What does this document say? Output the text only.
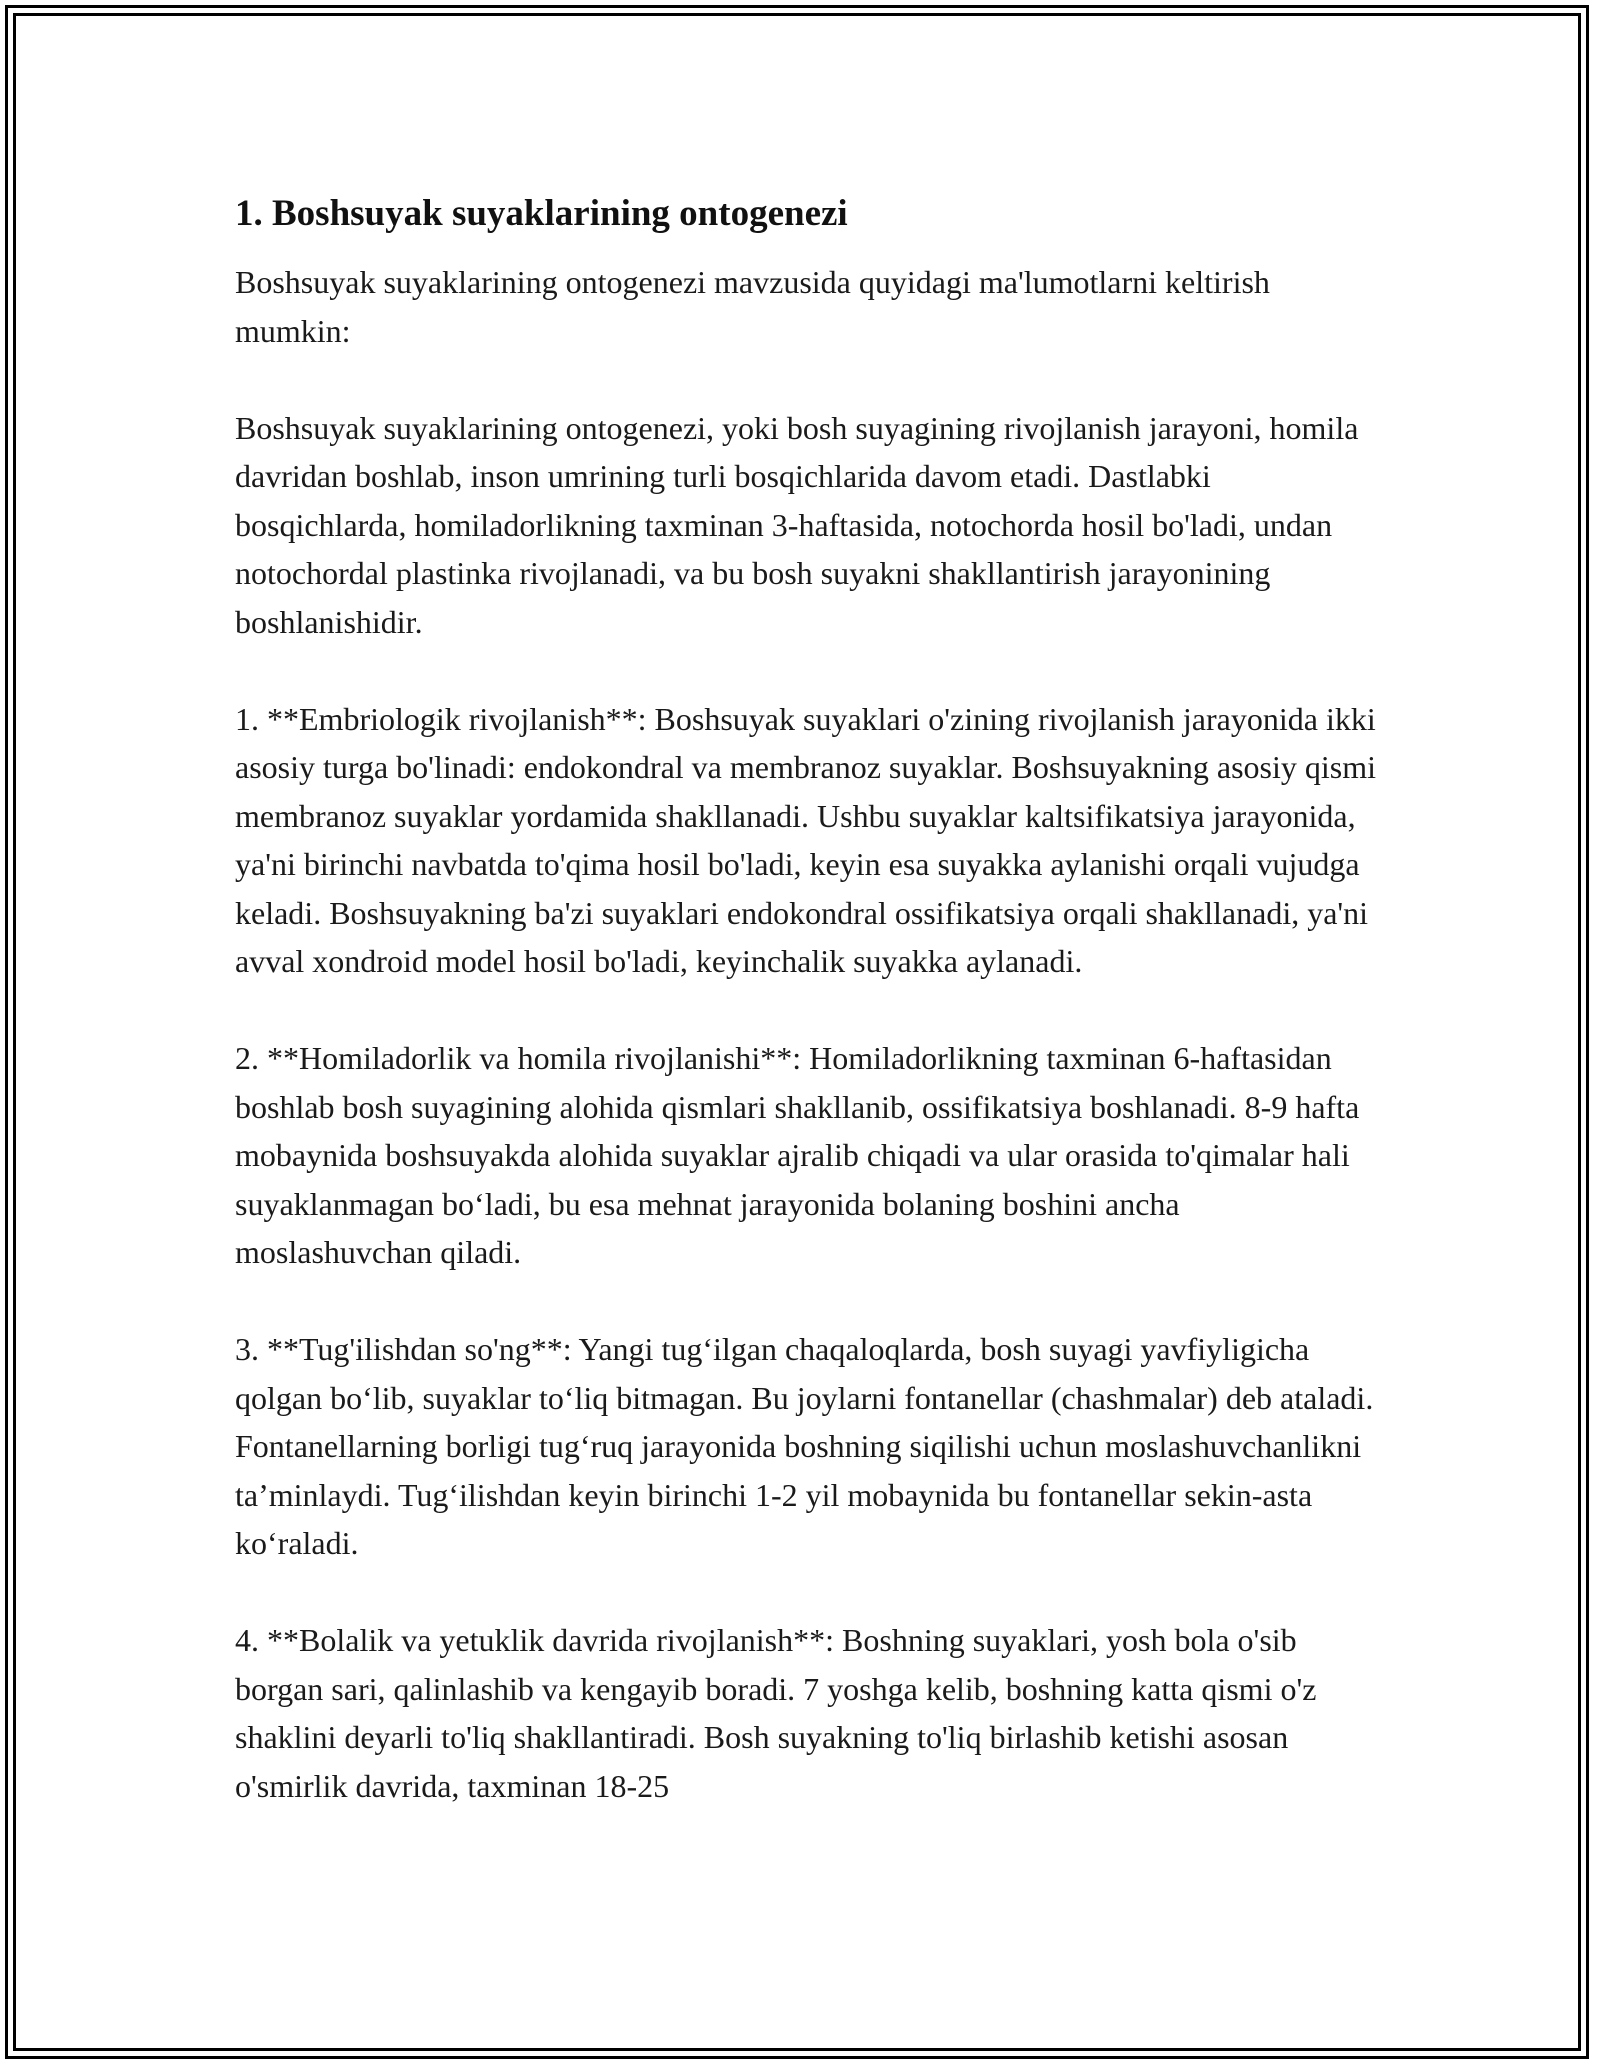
1. Boshsuyak suyaklarining ontogenezi

Boshsuyak suyaklarining ontogenezi mavzusida quyidagi ma'lumotlarni keltirish mumkin:

Boshsuyak suyaklarining ontogenezi, yoki bosh suyagining rivojlanish jarayoni, homila davridan boshlab, inson umrining turli bosqichlarida davom etadi. Dastlabki bosqichlarda, homiladorlikning taxminan 3-haftasida, notochorda hosil bo'ladi, undan notochordal plastinka rivojlanadi, va bu bosh suyakni shakllantirish jarayonining boshlanishidir.

1. **Embriologik rivojlanish**: Boshsuyak suyaklari o'zining rivojlanish jarayonida ikki asosiy turga bo'linadi: endokondral va membranoz suyaklar. Boshsuyakning asosiy qismi membranoz suyaklar yordamida shakllanadi. Ushbu suyaklar kaltsifikatsiya jarayonida, ya'ni birinchi navbatda to'qima hosil bo'ladi, keyin esa suyakka aylanishi orqali vujudga keladi. Boshsuyakning ba'zi suyaklari endokondral ossifikatsiya orqali shakllanadi, ya'ni avval xondroid model hosil bo'ladi, keyinchalik suyakka aylanadi.

2. **Homiladorlik va homila rivojlanishi**: Homiladorlikning taxminan 6-haftasidan boshlab bosh suyagining alohida qismlari shakllanib, ossifikatsiya boshlanadi. 8-9 hafta mobaynida boshsuyakda alohida suyaklar ajralib chiqadi va ular orasida to'qimalar hali suyaklanmagan bo‘ladi, bu esa mehnat jarayonida bolaning boshini ancha moslashuvchan qiladi.

3. **Tug'ilishdan so'ng**: Yangi tug‘ilgan chaqaloqlarda, bosh suyagi yavfiyligicha qolgan bo‘lib, suyaklar to‘liq bitmagan. Bu joylarni fontanellar (chashmalar) deb ataladi. Fontanellarning borligi tug‘ruq jarayonida boshning siqilishi uchun moslashuvchanlikni ta’minlaydi. Tug‘ilishdan keyin birinchi 1-2 yil mobaynida bu fontanellar sekin-asta ko‘raladi.

4. **Bolalik va yetuklik davrida rivojlanish**: Boshning suyaklari, yosh bola o'sib borgan sari, qalinlashib va kengayib boradi. 7 yoshga kelib, boshning katta qismi o'z shaklini deyarli to'liq shakllantiradi. Bosh suyakning to'liq birlashib ketishi asosan o'smirlik davrida, taxminan 18-25
